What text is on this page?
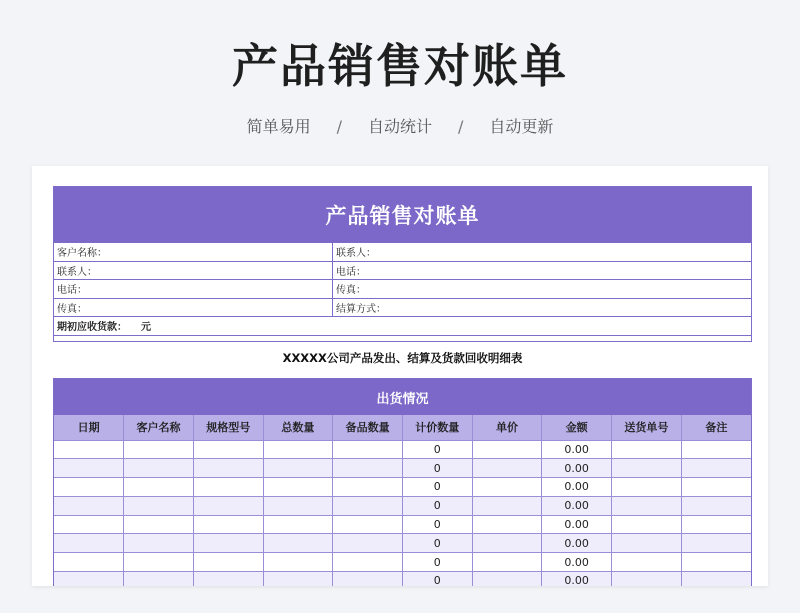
产品销售对账单
简单易用 / 自动统计 / 自动更新
产品销售对账单
客户名称：	联系人：
联系人：	电话：
电话：	传真：
传真：	结算方式：
期初应收货款： 元
XXXXX公司产品发出、结算及货款回收明细表
出货情况
日期	客户名称	规格型号	总数量	备品数量	计价数量	单价	金额	送货单号	备注
					0		0.00		
					0		0.00		
					0		0.00		
					0		0.00		
					0		0.00		
					0		0.00		
					0		0.00		
					0		0.00		
